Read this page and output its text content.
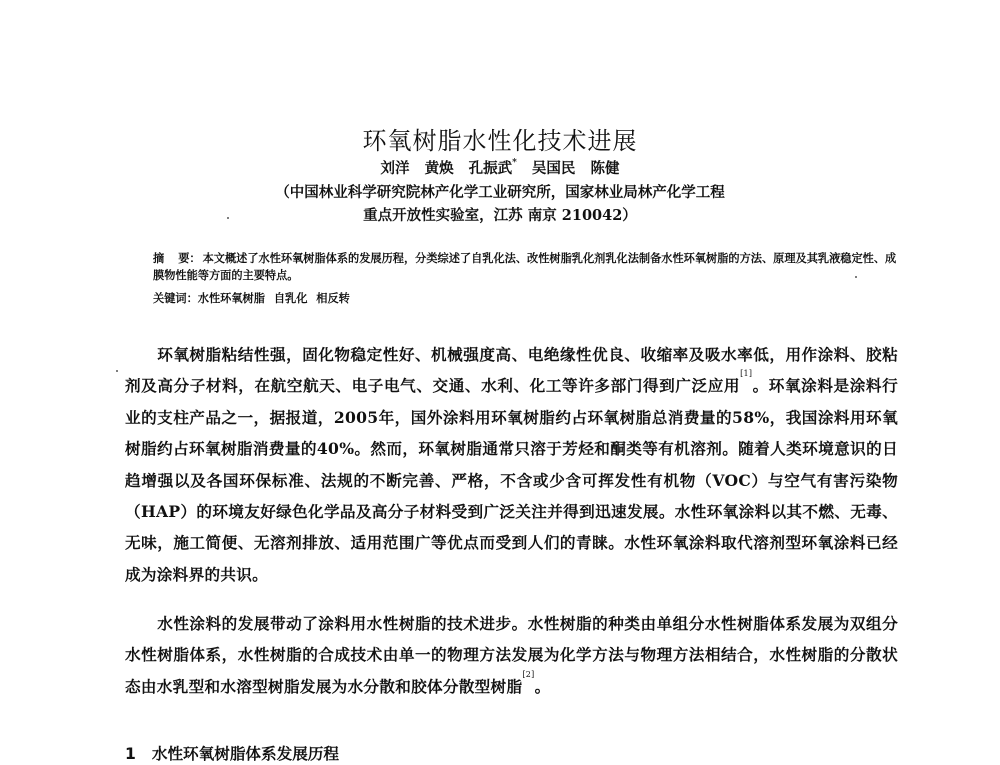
环氧树脂水性化技术进展
刘洋 黄焕 孔振武* 吴国民 陈健
（中国林业科学研究院林产化学工业研究所，国家林业局林产化学工程
重点开放性实验室，江苏 南京 210042）
摘 要： 本文概述了水性环氧树脂体系的发展历程，分类综述了自乳化法、改性树脂乳化剂乳化法制备水性环氧树脂的方法、原理及其乳液稳定性、成膜物性能等方面的主要特点。
关键词：水性环氧树脂 自乳化 相反转

环氧树脂粘结性强，固化物稳定性好、机械强度高、电绝缘性优良、收缩率及吸水率低，用作涂料、胶粘剂及高分子材料，在航空航天、电子电气、交通、水利、化工等许多部门得到广泛应用[1]。环氧涂料是涂料行业的支柱产品之一，据报道，2005年，国外涂料用环氧树脂约占环氧树脂总消费量的58%，我国涂料用环氧树脂约占环氧树脂消费量的40%。然而，环氧树脂通常只溶于芳烃和酮类等有机溶剂。随着人类环境意识的日趋增强以及各国环保标准、法规的不断完善、严格，不含或少含可挥发性有机物（VOC）与空气有害污染物（HAP）的环境友好绿色化学品及高分子材料受到广泛关注并得到迅速发展。水性环氧涂料以其不燃、无毒、无味，施工简便、无溶剂排放、适用范围广等优点而受到人们的青睐。水性环氧涂料取代溶剂型环氧涂料已经成为涂料界的共识。

水性涂料的发展带动了涂料用水性树脂的技术进步。水性树脂的种类由单组分水性树脂体系发展为双组分水性树脂体系，水性树脂的合成技术由单一的物理方法发展为化学方法与物理方法相结合，水性树脂的分散状态由水乳型和水溶型树脂发展为水分散和胶体分散型树脂[2]。

1 水性环氧树脂体系发展历程
